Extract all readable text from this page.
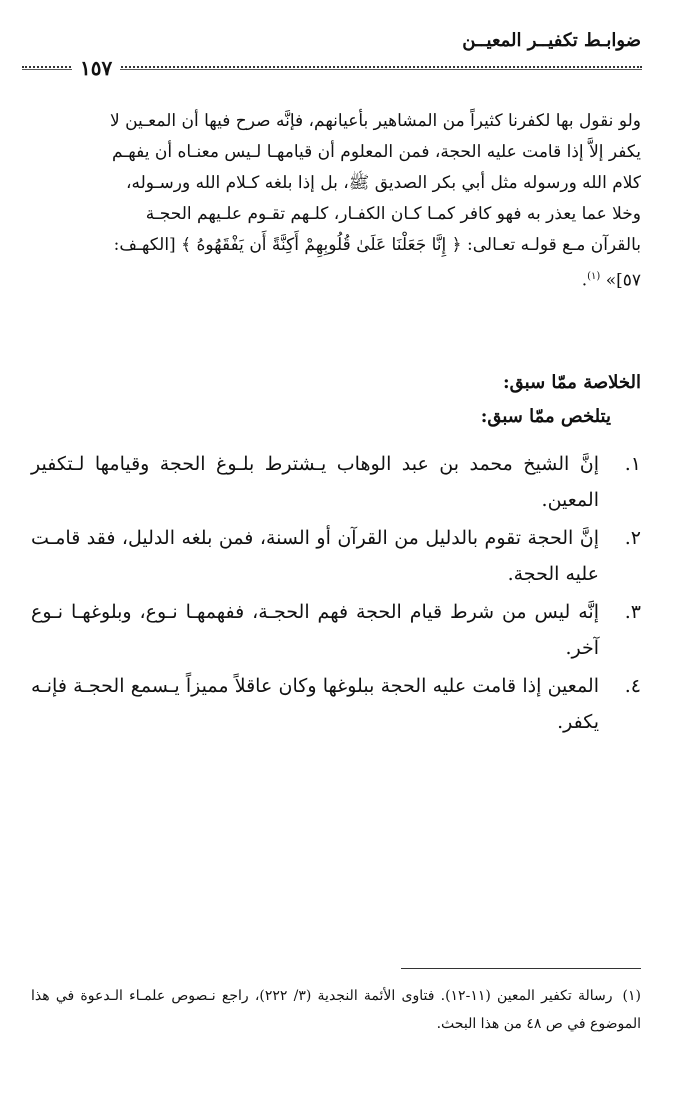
ضوابـط تكفيــر المعيــن
١٥٧
ولو نقول بها لكفرنا كثيراً من المشاهير بأعيانهم، فإنَّه صرح فيها أن المعـين لا
يكفر إلاَّ إذا قامت عليه الحجة، فمن المعلوم أن قيامهـا لـيس معنـاه أن يفهـم
كلام الله ورسوله مثل أبي بكر الصديق ﷺ، بل إذا بلغه كـلام الله ورسـوله،
وخلا عما يعذر به فهو كافر كمـا كـان الكفـار، كلـهم تقـوم علـيهم الحجـة
بالقرآن مـع قولـه تعـالى: ﴿ إِنَّا جَعَلْنَا عَلَىٰ قُلُوبِهِمْ أَكِنَّةً أَن يَفْقَهُوهُ ﴾ [الكهـف:
٥٧]» $^{(١)}$.
الخلاصة ممّا سبق:
يتلخص ممّا سبق:
١.
إنَّ الشيخ محمد بن عبد الوهاب يـشترط بلـوغ الحجة وقيامها لـتكفير المعين.
٢.
إنَّ الحجة تقوم بالدليل من القرآن أو السنة، فمن بلغه الدليل، فقد قامـت عليه الحجة.
٣.
إنَّه ليس من شرط قيام الحجة فهم الحجـة، ففهمهـا نـوع، وبلوغهـا نـوع آخر.
٤.
المعين إذا قامت عليه الحجة ببلوغها وكان عاقلاً مميزاً يـسمع الحجـة فإنـه يكفر.
(١)رسالة تكفير المعين (١١-١٢). فتاوى الأئمة النجدية (٣/ ٢٢٢)، راجع نـصوص علمـاء الـدعوة في هذا الموضوع في ص ٤٨ من هذا البحث.
